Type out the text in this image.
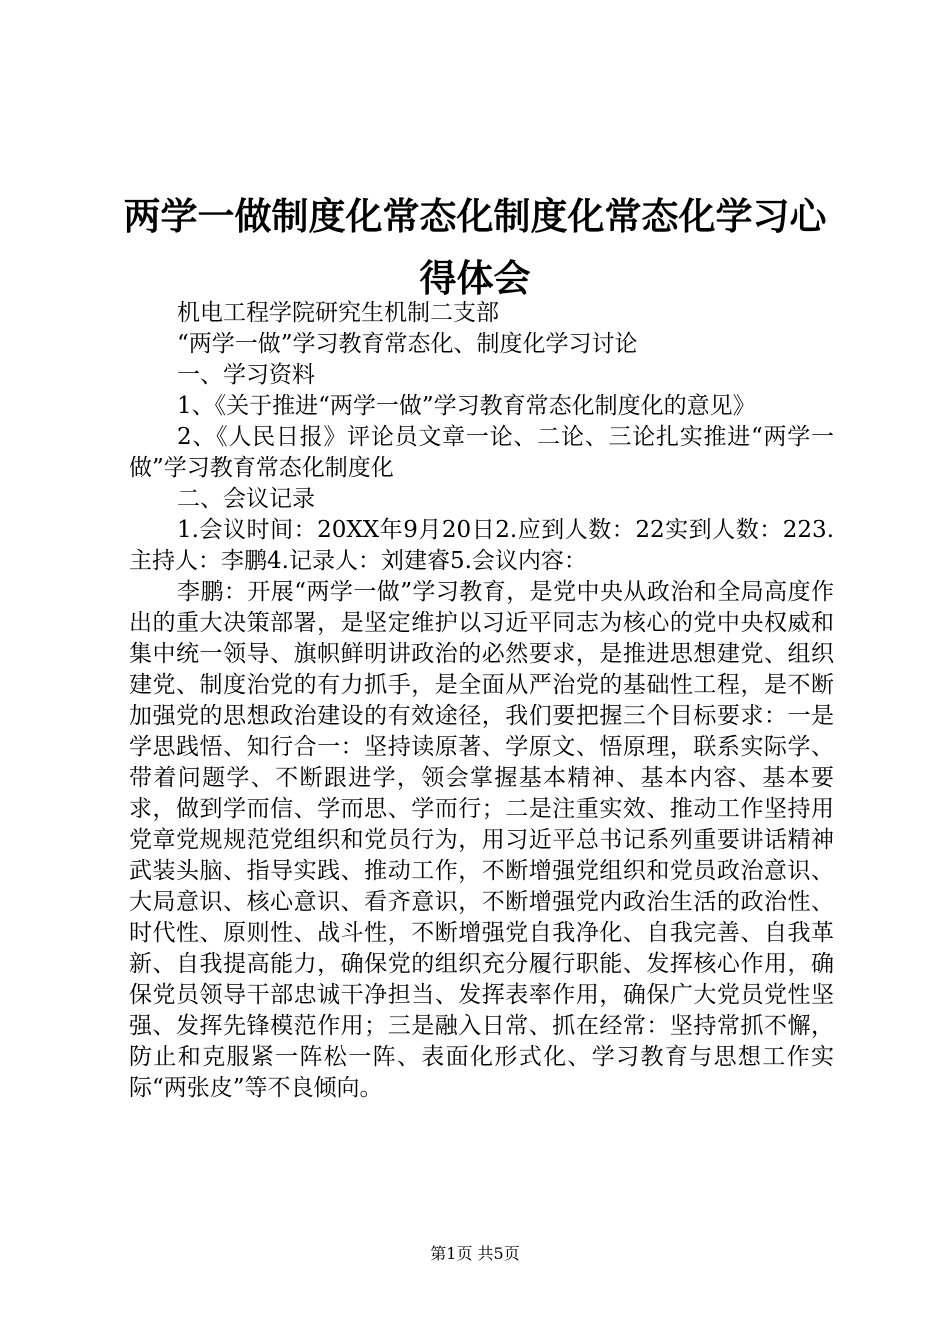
两学一做制度化常态化制度化常态化学习心得体会

机电工程学院研究生机制二支部

“两学一做”学习教育常态化、制度化学习讨论

一、学习资料

1、《关于推进“两学一做”学习教育常态化制度化的意见》

2、《人民日报》评论员文章一论、二论、三论扎实推进“两学一做”学习教育常态化制度化

二、会议记录

1.会议时间：20XX年9月20日2.应到人数：22实到人数：223.主持人：李鹏4.记录人：刘建睿5.会议内容：

李鹏：开展“两学一做”学习教育，是党中央从政治和全局高度作出的重大决策部署，是坚定维护以习近平同志为核心的党中央权威和集中统一领导、旗帜鲜明讲政治的必然要求，是推进思想建党、组织建党、制度治党的有力抓手，是全面从严治党的基础性工程，是不断加强党的思想政治建设的有效途径，我们要把握三个目标要求：一是学思践悟、知行合一：坚持读原著、学原文、悟原理，联系实际学、带着问题学、不断跟进学，领会掌握基本精神、基本内容、基本要求，做到学而信、学而思、学而行；二是注重实效、推动工作坚持用党章党规规范党组织和党员行为，用习近平总书记系列重要讲话精神武装头脑、指导实践、推动工作，不断增强党组织和党员政治意识、大局意识、核心意识、看齐意识，不断增强党内政治生活的政治性、时代性、原则性、战斗性，不断增强党自我净化、自我完善、自我革新、自我提高能力，确保党的组织充分履行职能、发挥核心作用，确保党员领导干部忠诚干净担当、发挥表率作用，确保广大党员党性坚强、发挥先锋模范作用；三是融入日常、抓在经常：坚持常抓不懈，防止和克服紧一阵松一阵、表面化形式化、学习教育与思想工作实际“两张皮”等不良倾向。

第1页 共5页
